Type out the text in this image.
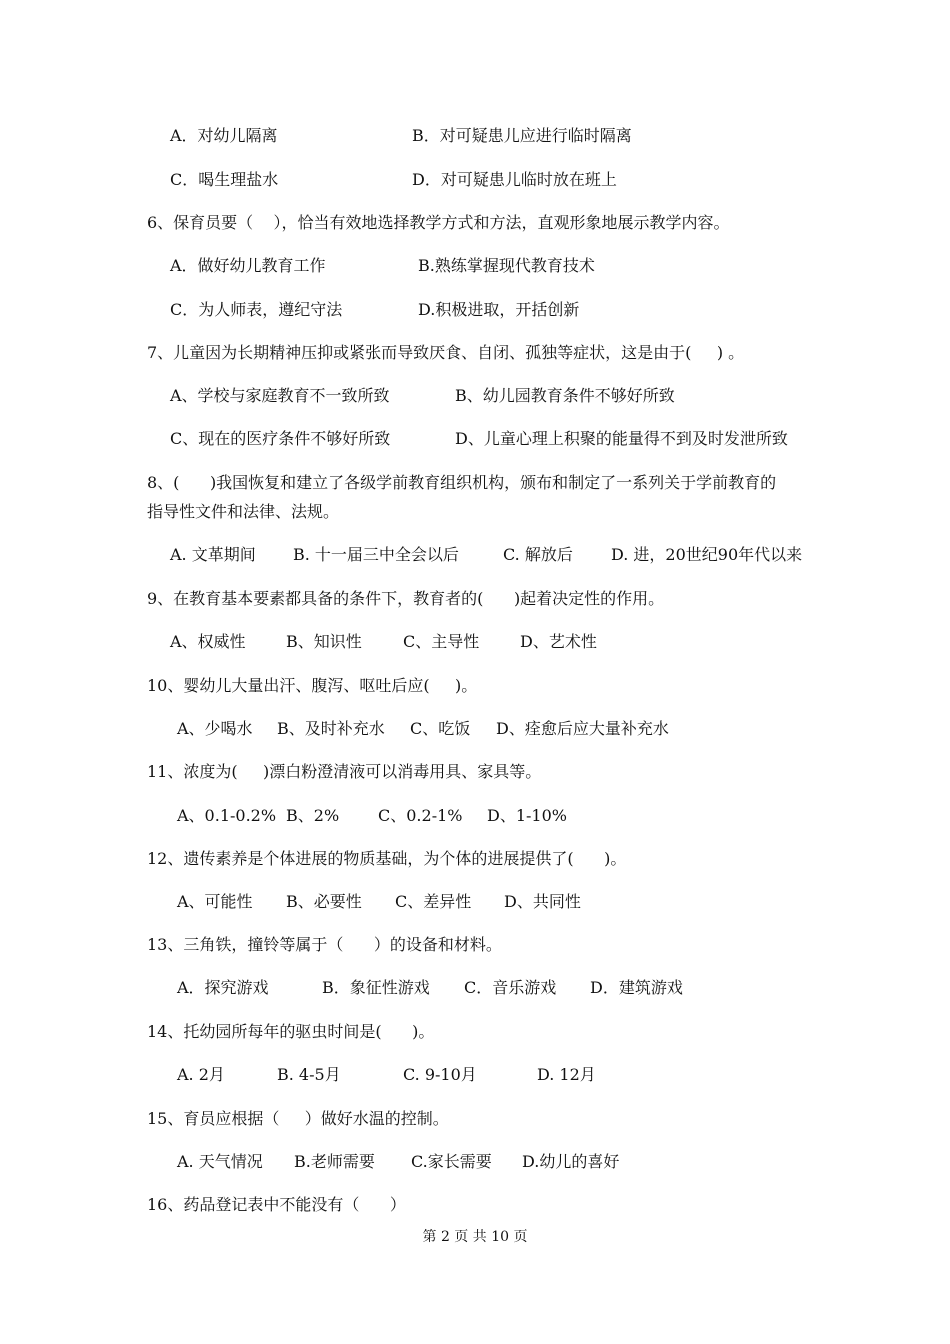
A．对幼儿隔离	B．对可疑患儿应进行临时隔离
C．喝生理盐水	D．对可疑患儿临时放在班上
6、保育员要（    ），恰当有效地选择教学方式和方法，直观形象地展示教学内容。
A．做好幼儿教育工作	B.熟练掌握现代教育技术
C．为人师表，遵纪守法	D.积极进取，开括创新
7、儿童因为长期精神压抑或紧张而导致厌食、自闭、孤独等症状，这是由于(     ) 。
A、学校与家庭教育不一致所致	B、幼儿园教育条件不够好所致
C、现在的医疗条件不够好所致	D、儿童心理上积聚的能量得不到及时发泄所致
8、(      )我国恢复和建立了各级学前教育组织机构，颁布和制定了一系列关于学前教育的
指导性文件和法律、法规。
A. 文革期间 B. 十一届三中全会以后	C. 解放后 D. 进，20世纪90年代以来
9、在教育基本要素都具备的条件下，教育者的(      )起着决定性的作用。
A、权威性	B、知识性	C、主导性	D、艺术性
10、婴幼儿大量出汗、腹泻、呕吐后应(     )。
A、少喝水 B、及时补充水 C、吃饭 D、痊愈后应大量补充水
11、浓度为(     )漂白粉澄清液可以消毒用具、家具等。
A、0.1-0.2% B、2% C、0.2-1% D、1-10%
12、遗传素养是个体进展的物质基础，为个体的进展提供了(      )。
A、可能性 B、必要性 C、差异性 D、共同性
13、三角铁，撞铃等属于（      ）的设备和材料。
A．探究游戏	B．象征性游戏 C．音乐游戏 D．建筑游戏
14、托幼园所每年的驱虫时间是(      )。
A. 2月	B. 4-5月	C. 9-10月	D. 12月
15、育员应根据（     ）做好水温的控制。
A. 天气情况 B.老师需要 C.家长需要 D.幼儿的喜好
16、药品登记表中不能没有（      ）
第 2 页 共 10 页
